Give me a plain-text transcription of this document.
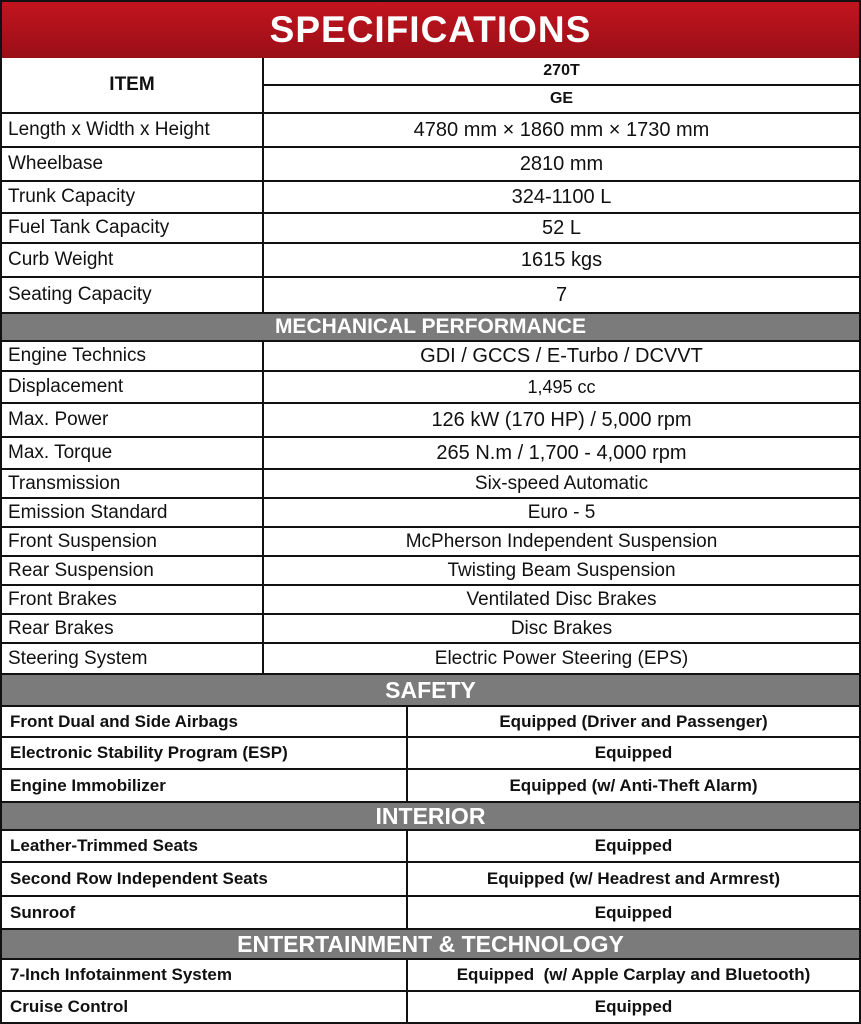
SPECIFICATIONS
ITEM
270T
GE
Length x Width x Height	4780 mm × 1860 mm × 1730 mm
Wheelbase	2810 mm
Trunk Capacity	324-1100 L
Fuel Tank Capacity	52 L
Curb Weight	1615 kgs
Seating Capacity	7
MECHANICAL PERFORMANCE
Engine Technics	GDI / GCCS / E-Turbo / DCVVT
Displacement	1,495 cc
Max. Power	126 kW (170 HP) / 5,000 rpm
Max. Torque	265 N.m / 1,700 - 4,000 rpm
Transmission	Six-speed Automatic
Emission Standard	Euro - 5
Front Suspension	McPherson Independent Suspension
Rear Suspension	Twisting Beam Suspension
Front Brakes	Ventilated Disc Brakes
Rear Brakes	Disc Brakes
Steering System	Electric Power Steering (EPS)
SAFETY
Front Dual and Side Airbags	Equipped (Driver and Passenger)
Electronic Stability Program (ESP)	Equipped
Engine Immobilizer	Equipped (w/ Anti-Theft Alarm)
INTERIOR
Leather-Trimmed Seats	Equipped
Second Row Independent Seats	Equipped (w/ Headrest and Armrest)
Sunroof	Equipped
ENTERTAINMENT & TECHNOLOGY
7-Inch Infotainment System	Equipped  (w/ Apple Carplay and Bluetooth)
Cruise Control	Equipped
